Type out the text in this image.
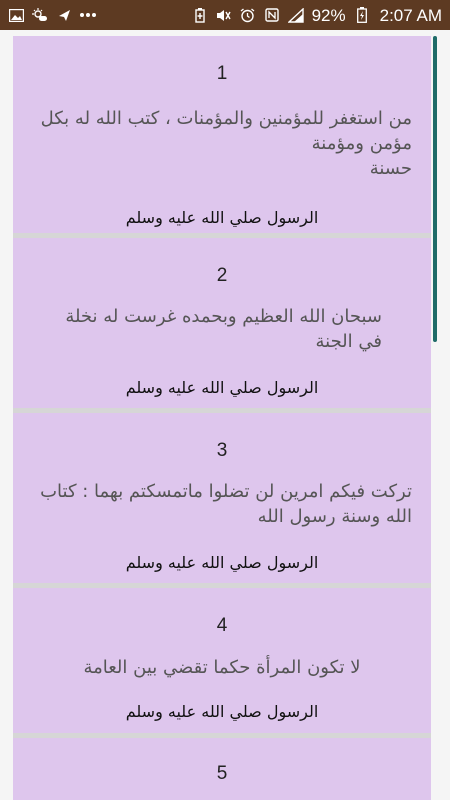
92% 2:07 AM
1

من استغفر للمؤمنين والمؤمنات ، كتب الله له بكل مؤمن ومؤمنة
حسنة

الرسول صلي الله عليه وسلم
2

سبحان الله العظيم وبحمده غرست له نخلة في الجنة

الرسول صلي الله عليه وسلم
3

تركت فيكم امرين لن تضلوا ماتمسكتم بهما : كتاب الله وسنة رسول الله

الرسول صلي الله عليه وسلم
4

لا تكون المرأة حكما تقضي بين العامة

الرسول صلي الله عليه وسلم
5
